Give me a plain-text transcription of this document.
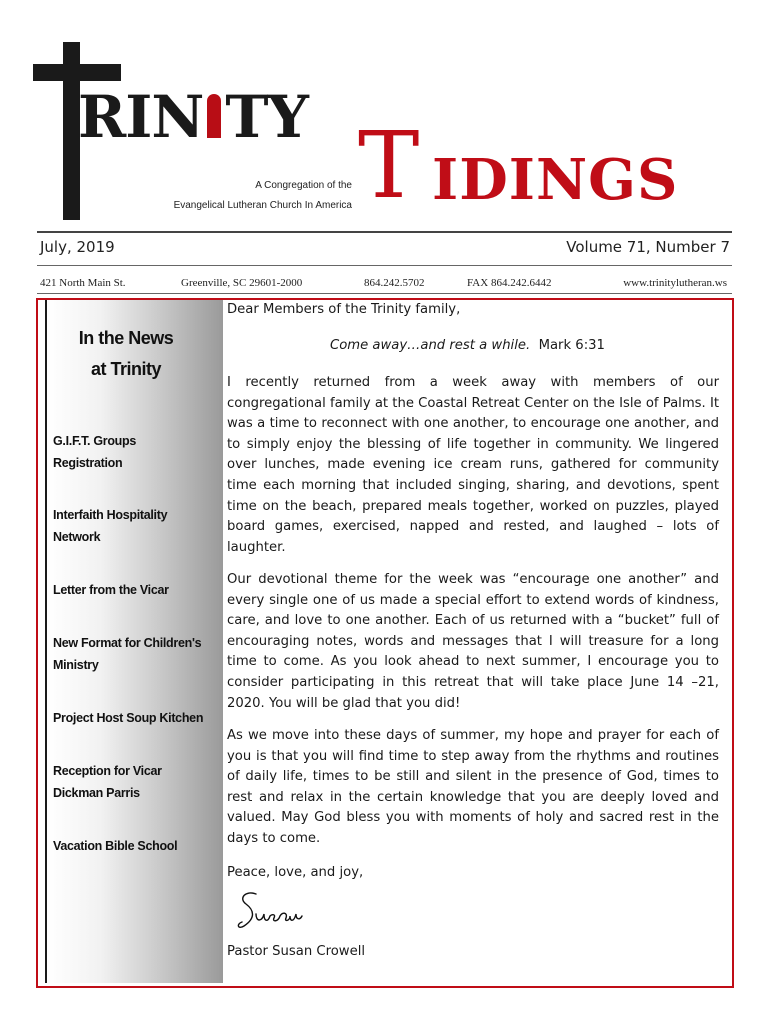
RIN TY T IDINGS
A Congregation of the
Evangelical Lutheran Church In America
July, 2019	Volume 71, Number 7
421 North Main St.	Greenville, SC 29601-2000	864.242.5702	FAX 864.242.6442	www.trinitylutheran.ws
In the News
at Trinity
G.I.F.T. Groups
Registration
Interfaith Hospitality
Network
Letter from the Vicar
New Format for Children's
Ministry
Project Host Soup Kitchen
Reception for Vicar
Dickman Parris
Vacation Bible School
Dear Members of the Trinity family,
Come away…and rest a while. Mark 6:31
I recently returned from a week away with members of our congregational family at the Coastal Retreat Center on the Isle of Palms. It was a time to reconnect with one another, to encourage one another, and to simply enjoy the blessing of life together in community. We lingered over lunches, made evening ice cream runs, gathered for community time each morning that included singing, sharing, and devotions, spent time on the beach, prepared meals together, worked on puzzles, played board games, exercised, napped and rested, and laughed – lots of laughter.
Our devotional theme for the week was “encourage one another” and every single one of us made a special effort to extend words of kindness, care, and love to one another. Each of us returned with a “bucket” full of encouraging notes, words and messages that I will treasure for a long time to come. As you look ahead to next summer, I encourage you to consider participating in this retreat that will take place June 14 –21, 2020. You will be glad that you did!
As we move into these days of summer, my hope and prayer for each of you is that you will find time to step away from the rhythms and routines of daily life, times to be still and silent in the presence of God, times to rest and relax in the certain knowledge that you are deeply loved and valued. May God bless you with moments of holy and sacred rest in the days to come.
Peace, love, and joy,
Pastor Susan Crowell
